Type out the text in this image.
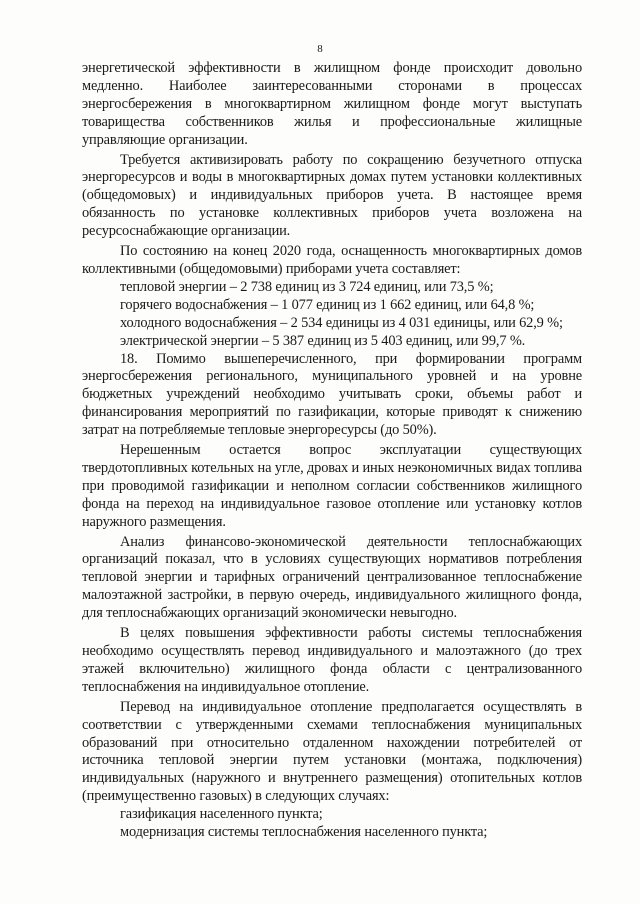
8

энергетической эффективности в жилищном фонде происходит довольно медленно. Наиболее заинтересованными сторонами в процессах энергосбережения в многоквартирном жилищном фонде могут выступать товарищества собственников жилья и профессиональные жилищные управляющие организации.

Требуется активизировать работу по сокращению безучетного отпуска энергоресурсов и воды в многоквартирных домах путем установки коллективных (общедомовых) и индивидуальных приборов учета. В настоящее время обязанность по установке коллективных приборов учета возложена на ресурсоснабжающие организации.

По состоянию на конец 2020 года, оснащенность многоквартирных домов коллективными (общедомовыми) приборами учета составляет:

тепловой энергии – 2 738 единиц из 3 724 единиц, или 73,5 %;

горячего водоснабжения – 1 077 единиц из 1 662 единиц, или 64,8 %;

холодного водоснабжения – 2 534 единицы из 4 031 единицы, или 62,9 %;

электрической энергии – 5 387 единиц из 5 403 единиц, или 99,7 %.

18. Помимо вышеперечисленного, при формировании программ энергосбережения регионального, муниципального уровней и на уровне бюджетных учреждений необходимо учитывать сроки, объемы работ и финансирования мероприятий по газификации, которые приводят к снижению затрат на потребляемые тепловые энергоресурсы (до 50%).

Нерешенным остается вопрос эксплуатации существующих твердотопливных котельных на угле, дровах и иных неэкономичных видах топлива при проводимой газификации и неполном согласии собственников жилищного фонда на переход на индивидуальное газовое отопление или установку котлов наружного размещения.

Анализ финансово-экономической деятельности теплоснабжающих организаций показал, что в условиях существующих нормативов потребления тепловой энергии и тарифных ограничений централизованное теплоснабжение малоэтажной застройки, в первую очередь, индивидуального жилищного фонда, для теплоснабжающих организаций экономически невыгодно.

В целях повышения эффективности работы системы теплоснабжения необходимо осуществлять перевод индивидуального и малоэтажного (до трех этажей включительно) жилищного фонда области с централизованного теплоснабжения на индивидуальное отопление.

Перевод на индивидуальное отопление предполагается осуществлять в соответствии с утвержденными схемами теплоснабжения муниципальных образований при относительно отдаленном нахождении потребителей от источника тепловой энергии путем установки (монтажа, подключения) индивидуальных (наружного и внутреннего размещения) отопительных котлов (преимущественно газовых) в следующих случаях:

газификация населенного пункта;

модернизация системы теплоснабжения населенного пункта;
